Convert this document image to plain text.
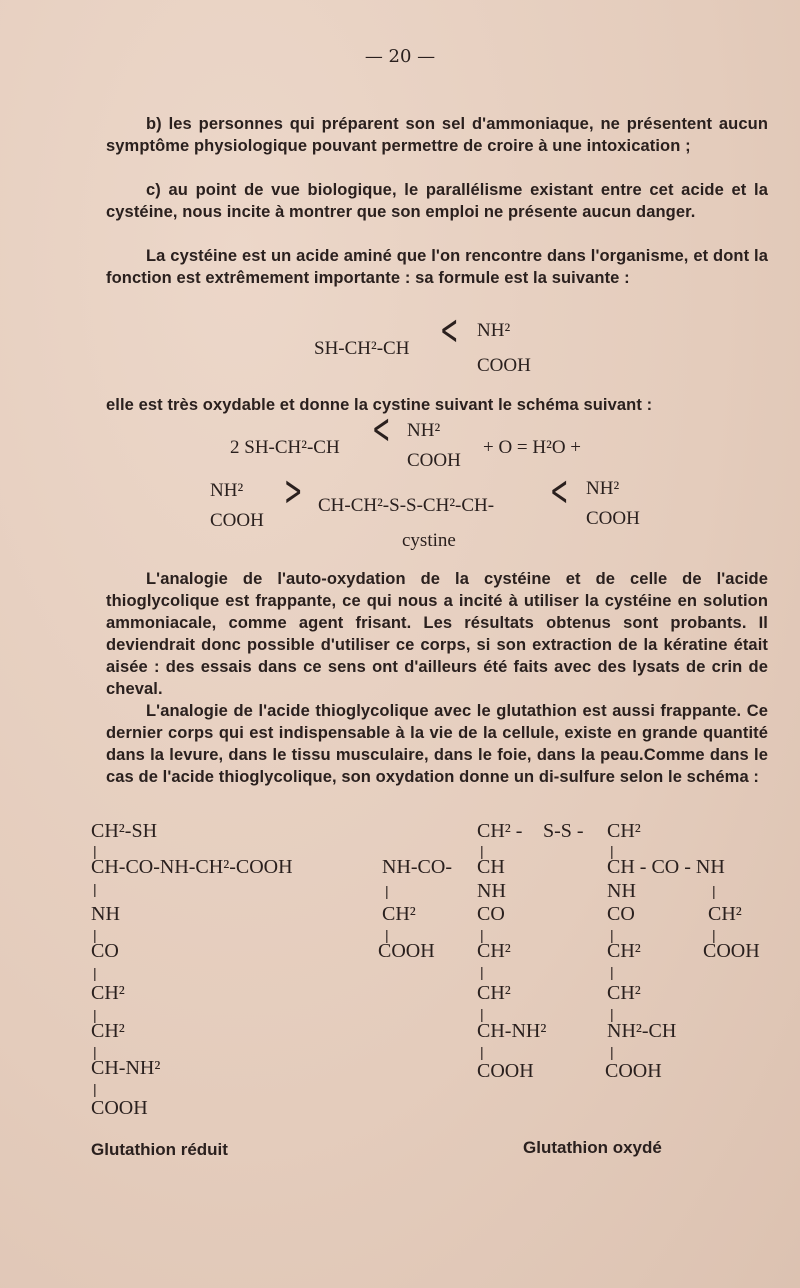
— 20 —
b) les personnes qui préparent son sel d'ammoniaque, ne présentent aucun symptôme physiologique pouvant permettre de croire à une intoxication ;
c) au point de vue biologique, le parallélisme existant entre cet acide et la cystéine, nous incite à montrer que son emploi ne présente aucun danger.
La cystéine est un acide aminé que l'on rencontre dans l'organisme, et dont la fonction est extrêmement importante : sa formule est la suivante :
SH-CH²-CH < NH²
COOH
elle est très oxydable et donne la cystine suivant le schéma suivant :
2 SH-CH²-CH < NH²
COOH
+ O = H²O +
NH²
COOH
> CH-CH²-S-S-CH²-CH-	< NH²
COOH
cystine
L'analogie de l'auto-oxydation de la cystéine et de celle de l'acide thioglycolique est frappante, ce qui nous a incité à utiliser la cystéine en solution ammoniacale, comme agent frisant. Les résultats obtenus sont probants. Il deviendrait donc possible d'utiliser ce corps, si son extraction de la kératine était aisée : des essais dans ce sens ont d'ailleurs été faits avec des lysats de crin de cheval.
L'analogie de l'acide thioglycolique avec le glutathion est aussi frappante. Ce dernier corps qui est indispensable à la vie de la cellule, existe en grande quantité dans la levure, dans le tissu musculaire, dans le foie, dans la peau.Comme dans le cas de l'acide thioglycolique, son oxydation donne un di-sulfure selon le schéma :
CH²-SH
|
CH-CO-NH-CH²-COOH
|
NH
|
CO
|
CH²
|
CH²
|
CH-NH²
|
COOH
Glutathion réduit
NH-CO-
|
CH²
|
COOH
CH² - S-S -
|
CH
NH
CO
|
CH²
|
CH²
|
CH-NH²
|
COOH
CH²
|
CH - CO - NH
NH
CO
|
CH²
|
CH²
|
NH²-CH
|
COOH
|
CH²
|
COOH
Glutathion oxydé
